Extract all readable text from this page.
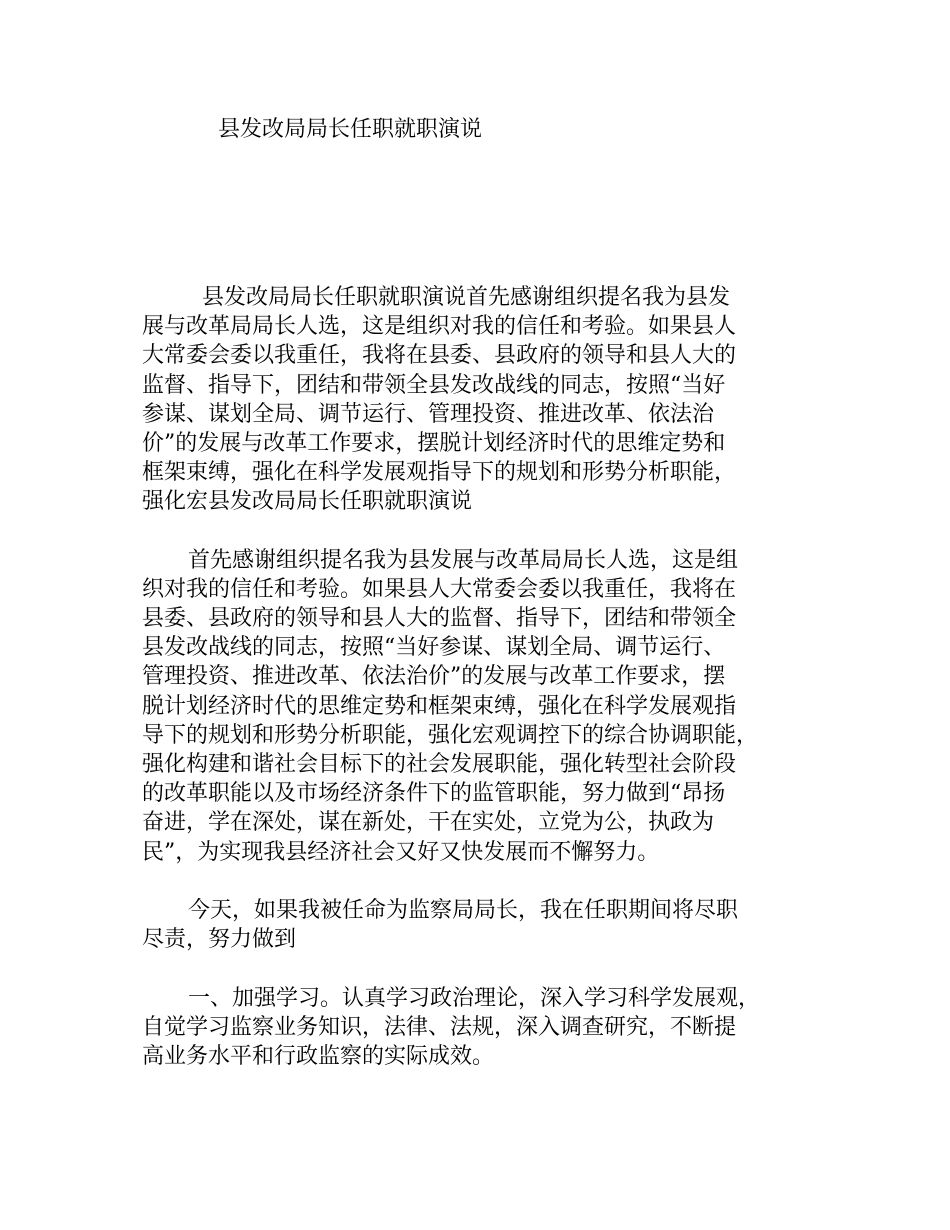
县发改局局长任职就职演说
县发改局局长任职就职演说首先感谢组织提名我为县发
展与改革局局长人选，这是组织对我的信任和考验。如果县人
大常委会委以我重任，我将在县委、县政府的领导和县人大的
监督、指导下，团结和带领全县发改战线的同志，按照“当好
参谋、谋划全局、调节运行、管理投资、推进改革、依法治
价”的发展与改革工作要求，摆脱计划经济时代的思维定势和
框架束缚，强化在科学发展观指导下的规划和形势分析职能，
强化宏县发改局局长任职就职演说
首先感谢组织提名我为县发展与改革局局长人选，这是组
织对我的信任和考验。如果县人大常委会委以我重任，我将在
县委、县政府的领导和县人大的监督、指导下，团结和带领全
县发改战线的同志，按照“当好参谋、谋划全局、调节运行、
管理投资、推进改革、依法治价”的发展与改革工作要求，摆
脱计划经济时代的思维定势和框架束缚，强化在科学发展观指
导下的规划和形势分析职能，强化宏观调控下的综合协调职能，
强化构建和谐社会目标下的社会发展职能，强化转型社会阶段
的改革职能以及市场经济条件下的监管职能，努力做到“昂扬
奋进，学在深处，谋在新处，干在实处，立党为公，执政为
民”，为实现我县经济社会又好又快发展而不懈努力。
今天，如果我被任命为监察局局长，我在任职期间将尽职
尽责，努力做到
一、加强学习。认真学习政治理论，深入学习科学发展观，
自觉学习监察业务知识，法律、法规，深入调查研究，不断提
高业务水平和行政监察的实际成效。
